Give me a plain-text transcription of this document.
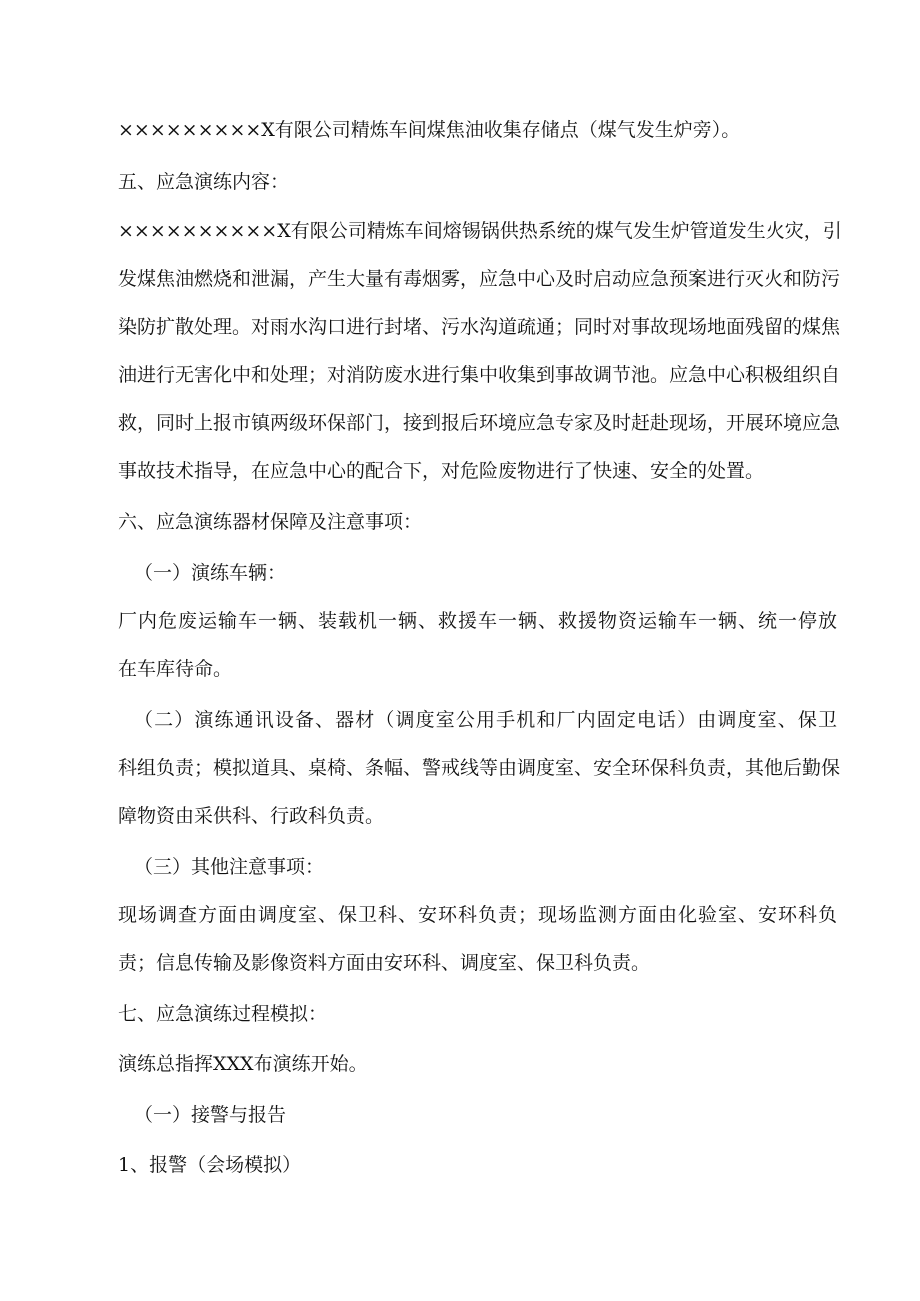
×××××××××X有限公司精炼车间煤焦油收集存储点（煤气发生炉旁）。

五、应急演练内容：

××××××××××X有限公司精炼车间熔锡锅供热系统的煤气发生炉管道发生火灾，引

发煤焦油燃烧和泄漏，产生大量有毒烟雾，应急中心及时启动应急预案进行灭火和防污

染防扩散处理。对雨水沟口进行封堵、污水沟道疏通；同时对事故现场地面残留的煤焦

油进行无害化中和处理；对消防废水进行集中收集到事故调节池。应急中心积极组织自

救，同时上报市镇两级环保部门，接到报后环境应急专家及时赶赴现场，开展环境应急

事故技术指导，在应急中心的配合下，对危险废物进行了快速、安全的处置。

六、应急演练器材保障及注意事项：

（一）演练车辆：

厂内危废运输车一辆、装载机一辆、救援车一辆、救援物资运输车一辆、统一停放

在车库待命。

（二）演练通讯设备、器材（调度室公用手机和厂内固定电话）由调度室、保卫

科组负责；模拟道具、桌椅、条幅、警戒线等由调度室、安全环保科负责，其他后勤保

障物资由采供科、行政科负责。

（三）其他注意事项：

现场调查方面由调度室、保卫科、安环科负责；现场监测方面由化验室、安环科负

责；信息传输及影像资料方面由安环科、调度室、保卫科负责。

七、应急演练过程模拟：

演练总指挥XXX布演练开始。

（一）接警与报告

1、报警（会场模拟）
